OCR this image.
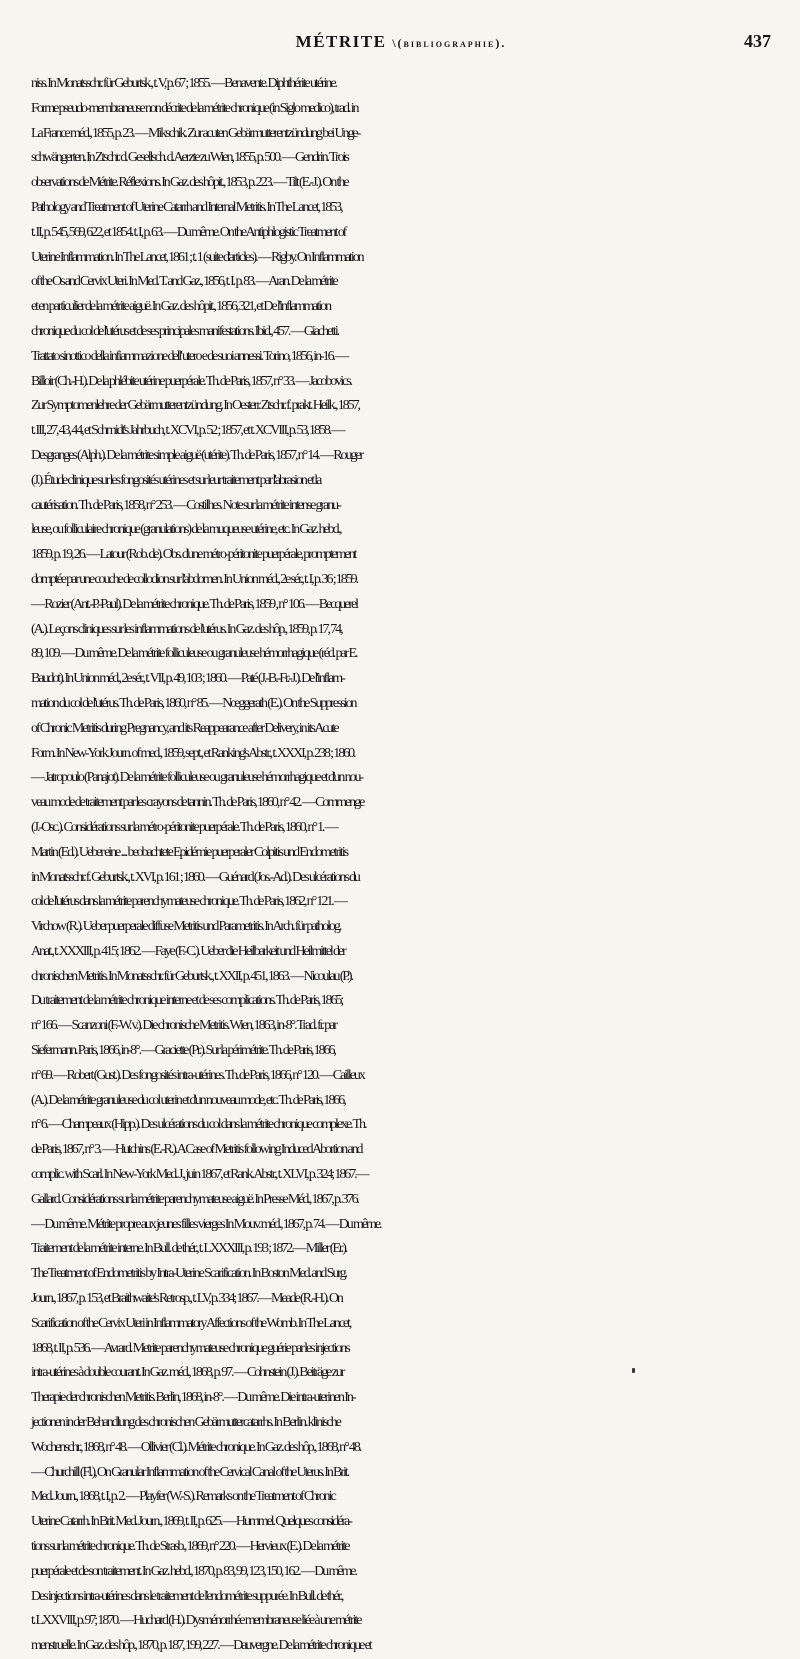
MÉTRITE \(bibliographie).	437
niss. In Monatsschr. für Geburtsk., t. V, p. 67 ; 1855. — Benavente. Diphthérite utérine.
Forme pseudo-membraneuse non décrite de la métrite chronique (in Siglo medico), trad. in
La France méd., 1855, p. 23. — Mikschik. Zur acuten Gebärmutterentzündung bei Unge-
schwängerten. In Ztschr. d. Gesellsch. d. Aerzte zu Wien, 1855, p. 500. — Gendrin. Trois
observations de Métrite. Réflexions. In Gaz. des hôpit., 1853, p. 223. — Tilt (E.-J.). On the
Pathology and Treatment of Uterine Catarrh and Internal Metritis. In The Lancet, 1853,
t. II, p. 545, 569, 622, et 1854. t. I, p. 63. — Du même. On the Antiphlogistic Treatment of
Uterine Inflammation. In The Lancet, 1861 ; t. 1 (suite d'articles). — Rigby. On Inflammation
of the Os and Cervix Uteri. In Med. T. and Gaz., 1856, t. I. p. 83. — Aran. De la métrite
et en particulier de la métrite aiguë. In Gaz. des hôpit., 1856, 321, et De l'inflammation
chronique du col de l'utérus et de ses principales manifestations. Ibid., 457. — Giachetti.
Trattato sinottico della infiammazione dell' utero e de suoi annessi. Torino, 1856, in-16. —
Billoir (Ch.-H.). De la phlébite utérine puerpérale. Th. de Paris, 1857, n° 33. — Jacobovics.
Zur Symptomenlehre der Gebärmutterentzündung. In Oesterr. Ztschr. f. prakt. Heilk., 1857,
t. III, 27, 43, 44, et Schmidt's Jahrbuch, t. XCVI, p. 52 ; 1857, et t. XCVIII, p. 53, 1858. —
Desgranges (Alph.). De la métrite simple aiguë (utérite). Th. de Paris, 1857, n° 14. — Rouger
(J.). Étude clinique sur les fongosités utérines et sur leur traitement par l'abrasion et la
cautérisation. Th. de Paris, 1858, n° 253. — Costilhes. Note sur la métrite intense granu-
leuse, ou folliculaire chronique (granulations) de la muqueuse utérine, etc. In Gaz. hebd.,
1859, p. 19, 26. — Latour (Rob. de). Obs. d'une métro-péritonite puerpérale, promptement
domptée par une couche de collodion sur l'abdomen. In Union méd., 2e sér., t. I, p. 36 ; 1859.
— Rozier (Ant.-P.-Paul). De la métrite chronique. Th. de Paris, 1859 , n° 106. — Becquerel
(A.). Leçons cliniques sur les inflammations de l'utérus. In Gaz. des hôp., 1859, p. 17, 74,
89, 109. — Du même. De la métrite folliculeuse ou granuleuse hémorrhagique (réd. par E.
Baudot). In Union méd., 2e sér., t. VII, p. 49, 103 ; 1860. — Paté (J.-B.-Fr.-J.). De l'inflam-
mation du col de l'utérus. Th. de Paris, 1860, n° 85. — Nœggerath (E.). On the Suppression
of Chronic Metritis during Pregnancy, and its Reappearance after Delivery, in its Acute
Form. In New-York Journ. of med., 1859, sept., et Ranking's Abstr., t. XXXI, p. 238 ; 1860.
— Jatropoulo (Panajot). De la métrite folliculeuse ou granuleuse hémorrhagique et d'un nou-
veau mode de traitement par les crayons de tannin. Th. de Paris, 1860, n° 42. — Commenge
(J.-Osc.). Considérations sur la métro-péritonite puerpérale. Th. de Paris, 1860, n° 1. —
Martin (Ed.). Ueber eine .... beobachtete Epidémie puerperaler Colpitis und Endometritis
in Monatsschr. f. Geburtsk., t. XVI, p. 161 ; 1860. — Guénard (Jos.-Ad.). Des ulcérations du
col de l'utérus dans la métrite parenchymateuse chronique. Th. de Paris, 1862, n° 121. —
Virchow (R.). Ueber puerperale diffuse Metritis und Parametritis. In Arch. für patholog.
Anat., t. XXXIII, p. 415; 1862. — Faye (F.-C.). Ueber die Heilbarkeit und Heilmittel der
chronischen Metritis. In Monatsschr. für Geburtsk., t. XXII, p. 451, 1863. — Nicoulau (P.).
Du traitement de la métrite chronique interne et de ses complications. Th. de Paris, 1865;
n° 166. — Scanzoni (F.-W. v.). Die chronische Metritis. Wien, 1863, in-8°. Trad. fr. par
Siefermann. Paris, 1866, in-8°. — Graciette (Pr.). Sur la périmétrite. Th. de Paris, 1866,
n° 69. — Robert (Gust.). Des fongosités intra-utérines. Th. de Paris, 1866, n° 120. — Cailleux
(A.). De la métrite granuleuse du col uterin et d'un nouveau mode, etc. Th. de Paris, 1866,
n° 6. — Champeaux (Hipp.). Des ulcérations du col dans la métrite chronique complexe. Th.
de Paris, 1867, n° 3. — Hutchins (E.-R.). A Case of Metritis following Induced Abortion and
complic. with Scarl. In New-York Med. J., juin 1867, et Rank. Abstr., t. XLVI, p. 324; 1867.—
Gallard. Considérations sur la métrite parenchymateuse aiguë. In Presse Méd., 1867, p. 376.
— Du même. Métrite propre aux jeunes filles vierges In Mouv. méd., 1867, p. 74. — Du même.
Traitement de la métrite interne. In Bull. de thér., t. LXXXIII, p. 193 ; 1872.— Miller (Er.).
The Treatment of Endometritis by Intra-Uterine Scarification. In Boston Med. and Surg.
Journ., 1867, p. 153, et Braithwaite's Retrosp., t. LV, p. 334; 1867.— Meade (R.-H.). On
Scarification of the Cervix Uteri in Inflammatory Affections of the Womb. In The Lancet,
1868, t. II, p. 536. — Avrard. Metrite parenchymateuse chronique guérie par les injections
intra-utérines à double courant. In Gaz. méd., 1868, p. 97. — Cohnstein (J.). Beiträge zur
Therapie der chronischen Metritis. Berlin, 1868, in-8°. — Du même. Die intra-uterinen In-
jectionen in der Behandlung des chronischen Gebärmuttercatarrhs. In Berlin. klinische
Wochenschr., 1868, n° 48. — Ollivier (Cl.). Métrite chronique. In Gaz. des hôp., 1868, n° 48.
— Churchill (Fl.), On Granular Inflammation of the Cervical Canal of the Uterus. In Brit.
Med. Journ., 1868, t. I, p. 2. — Playfer (W.-S.). Remarks on the Treatment of Chronic
Uterine Catarrh. In Brit. Med. Journ., 1869, t. II, p. 625. — Hummel. Quelques considéra-
tions sur la métrite chronique. Th. de Strasb., 1869, n° 220. — Hervieux (E.). De la métrite
puerpérale et de son traitement. In Gaz. hebd., 1870, p. 83, 99, 123, 150, 162. — Du même.
Des injections intra-utérines dans le traitement de l'endométrite suppurée. In Bull. de thér.,
t. LXXVIII, p. 97; 1870. — Huchard (H.). Dysménorrhée membraneuse liée à une métrite
menstruelle. In Gaz. des hôp., 1870, p. 187, 199, 227. — Dauvergne. De la métrite chronique et
